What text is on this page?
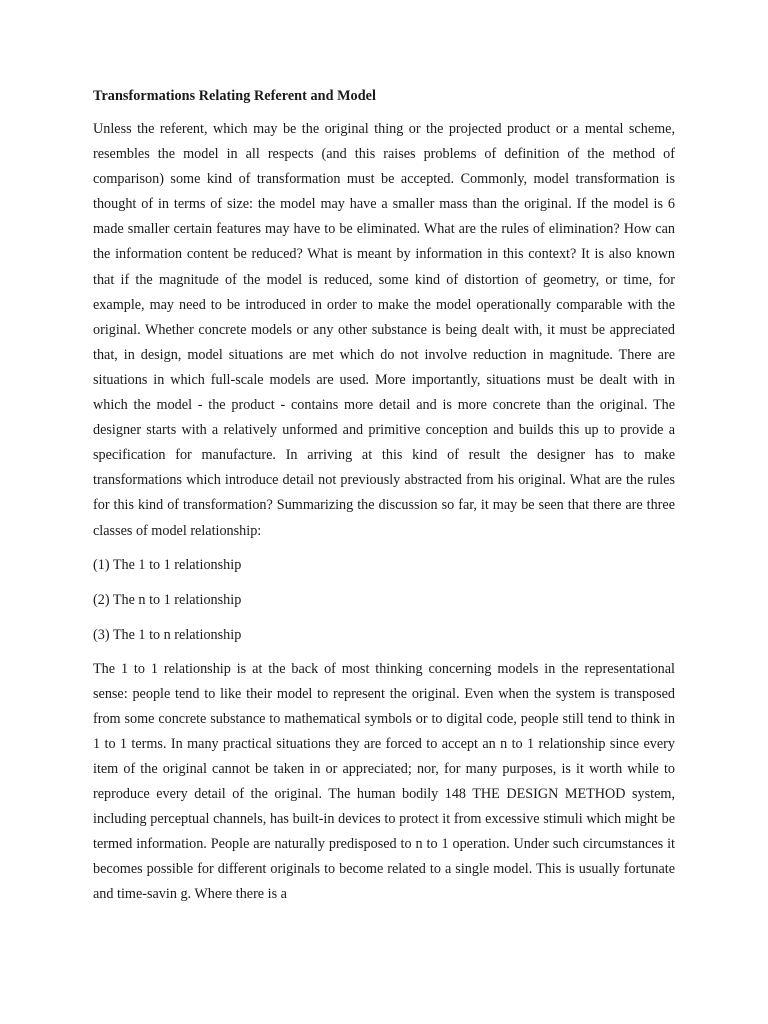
Transformations Relating Referent and Model
Unless the referent, which may be the original thing or the projected product or a mental scheme, resembles the model in all respects (and this raises problems of definition of the method of comparison) some kind of transformation must be accepted. Commonly, model transformation is thought of in terms of size: the model may have a smaller mass than the original. If the model is 6 made smaller certain features may have to be eliminated. What are the rules of elimination? How can the information content be reduced? What is meant by information in this context? It is also known that if the magnitude of the model is reduced, some kind of distortion of geometry, or time, for example, may need to be introduced in order to make the model operationally comparable with the original. Whether concrete models or any other substance is being dealt with, it must be appreciated that, in design, model situations are met which do not involve reduction in magnitude. There are situations in which full-scale models are used. More importantly, situations must be dealt with in which the model - the product - contains more detail and is more concrete than the original. The designer starts with a relatively unformed and primitive conception and builds this up to provide a specification for manufacture. In arriving at this kind of result the designer has to make transformations which introduce detail not previously abstracted from his original. What are the rules for this kind of transformation? Summarizing the discussion so far, it may be seen that there are three classes of model relationship:
(1) The 1 to 1 relationship
(2) The n to 1 relationship
(3) The 1 to n relationship
The 1 to 1 relationship is at the back of most thinking concerning models in the representational sense: people tend to like their model to represent the original. Even when the system is transposed from some concrete substance to mathematical symbols or to digital code, people still tend to think in 1 to 1 terms. In many practical situations they are forced to accept an n to 1 relationship since every item of the original cannot be taken in or appreciated; nor, for many purposes, is it worth while to reproduce every detail of the original. The human bodily 148 THE DESIGN METHOD system, including perceptual channels, has built-in devices to protect it from excessive stimuli which might be termed information. People are naturally predisposed to n to 1 operation. Under such circumstances it becomes possible for different originals to become related to a single model. This is usually fortunate and time-savin g. Where there is a
